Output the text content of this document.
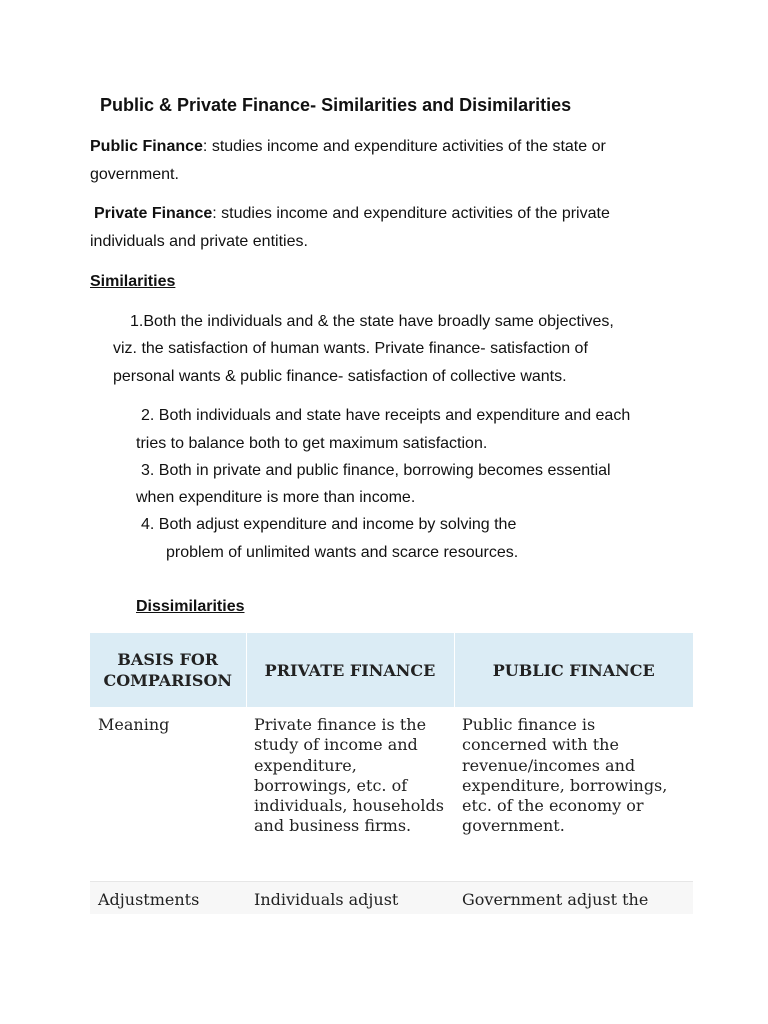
Public & Private Finance- Similarities and Disimilarities
Public Finance: studies income and expenditure activities of the state or
government.
Private Finance: studies income and expenditure activities of the private
individuals and private entities.
Similarities
1.Both the individuals and & the state have broadly same objectives,
viz. the satisfaction of human wants. Private finance- satisfaction of
personal wants & public finance- satisfaction of collective wants.
2. Both individuals and state have receipts and expenditure and each
tries to balance both to get maximum satisfaction.
3. Both in private and public finance, borrowing becomes essential
when expenditure is more than income.
4. Both adjust expenditure and income by solving the
problem of unlimited wants and scarce resources.
Dissimilarities
BASIS FOR COMPARISON	PRIVATE FINANCE	PUBLIC FINANCE
Meaning	Private finance is the study of income and expenditure, borrowings, etc. of individuals, households and business firms.	Public finance is concerned with the revenue/incomes and expenditure, borrowings, etc. of the economy or government.
Adjustments	Individuals adjust	Government adjust the
